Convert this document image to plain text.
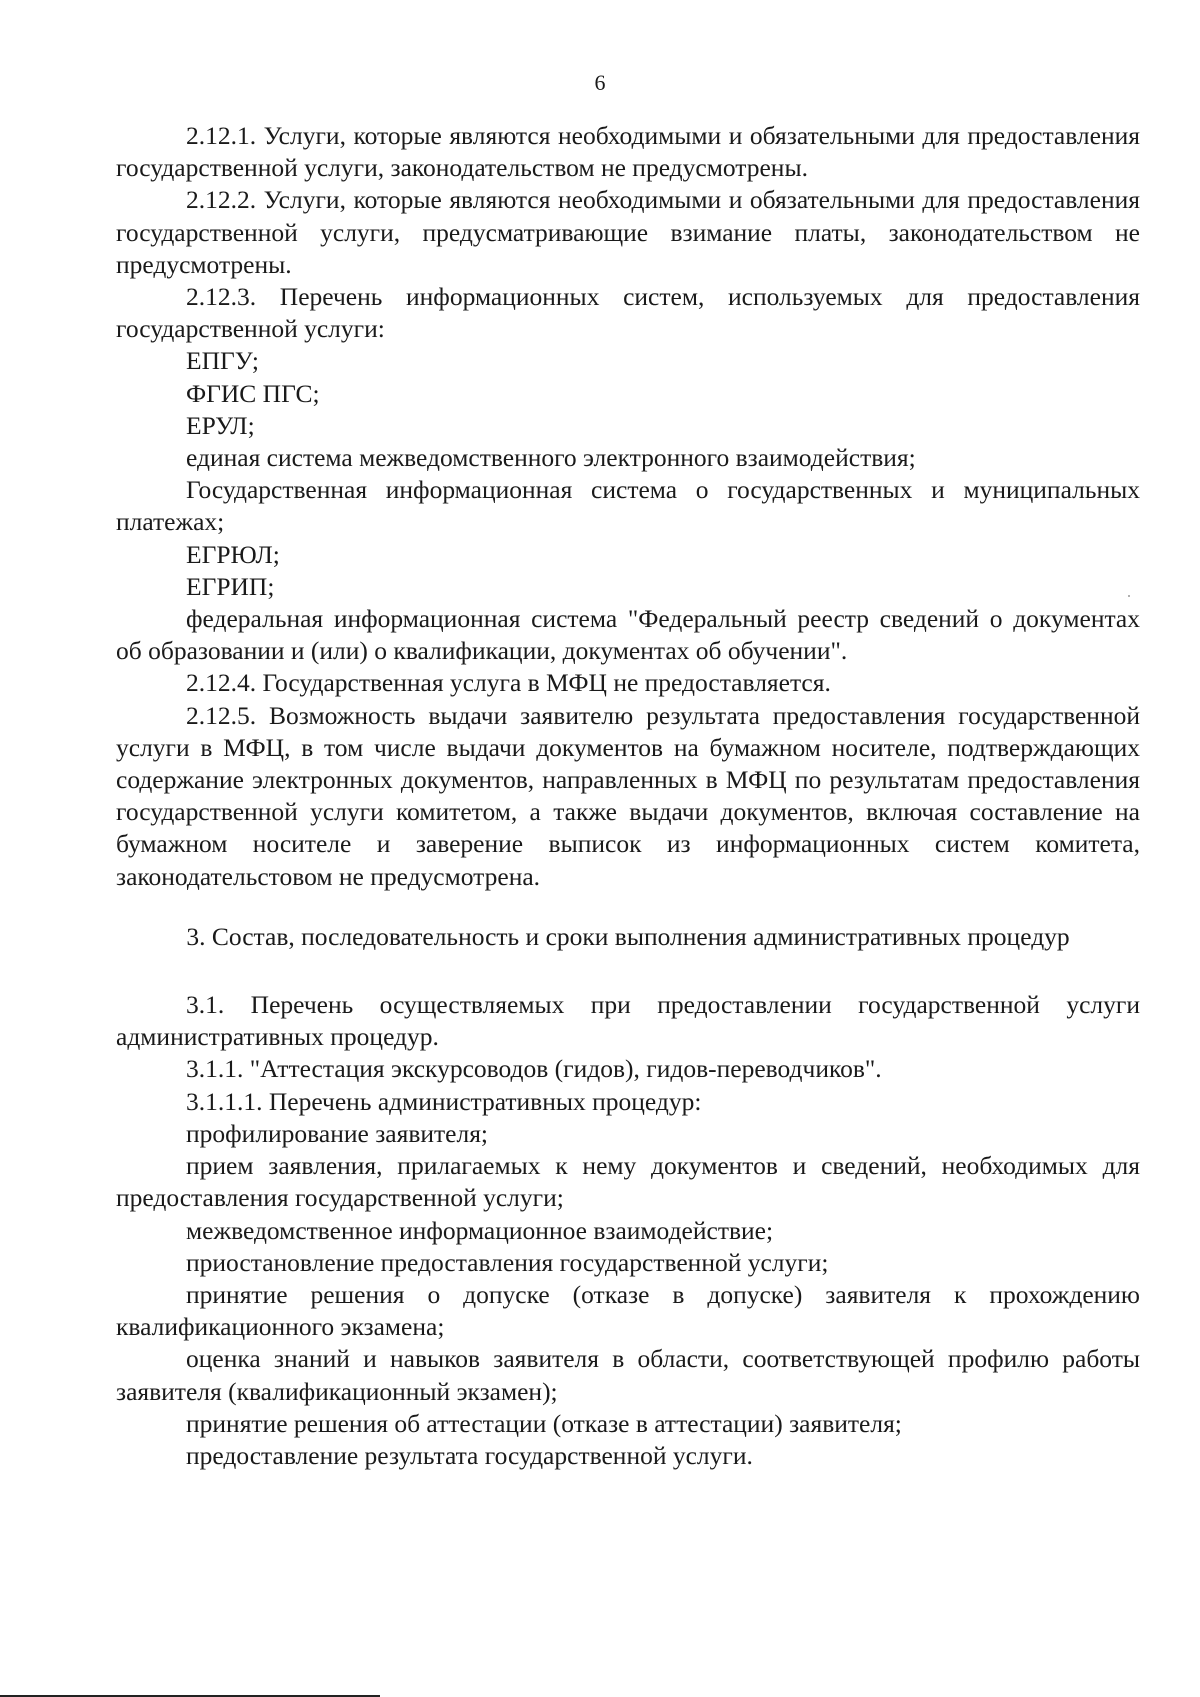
6

2.12.1. Услуги, которые являются необходимыми и обязательными для предоставления государственной услуги, законодательством не предусмотрены.

2.12.2. Услуги, которые являются необходимыми и обязательными для предоставления государственной услуги, предусматривающие взимание платы, законодательством не предусмотрены.

2.12.3. Перечень информационных систем, используемых для предоставления государственной услуги:

ЕПГУ;

ФГИС ПГС;

ЕРУЛ;

единая система межведомственного электронного взаимодействия;

Государственная информационная система о государственных и муниципальных платежах;

ЕГРЮЛ;

ЕГРИП;

федеральная информационная система "Федеральный реестр сведений о документах об образовании и (или) о квалификации, документах об обучении".

2.12.4. Государственная услуга в МФЦ не предоставляется.

2.12.5. Возможность выдачи заявителю результата предоставления государственной услуги в МФЦ, в том числе выдачи документов на бумажном носителе, подтверждающих содержание электронных документов, направленных в МФЦ по результатам предоставления государственной услуги комитетом, а также выдачи документов, включая составление на бумажном носителе и заверение выписок из информационных систем комитета, законодательстовом не предусмотрена.

3. Состав, последовательность и сроки выполнения административных процедур

3.1. Перечень осуществляемых при предоставлении государственной услуги административных процедур.

3.1.1. "Аттестация экскурсоводов (гидов), гидов-переводчиков".

3.1.1.1. Перечень административных процедур:

профилирование заявителя;

прием заявления, прилагаемых к нему документов и сведений, необходимых для предоставления государственной услуги;

межведомственное информационное взаимодействие;

приостановление предоставления государственной услуги;

принятие решения о допуске (отказе в допуске) заявителя к прохождению квалификационного экзамена;

оценка знаний и навыков заявителя в области, соответствующей профилю работы заявителя (квалификационный экзамен);

принятие решения об аттестации (отказе в аттестации) заявителя;

предоставление результата государственной услуги.
